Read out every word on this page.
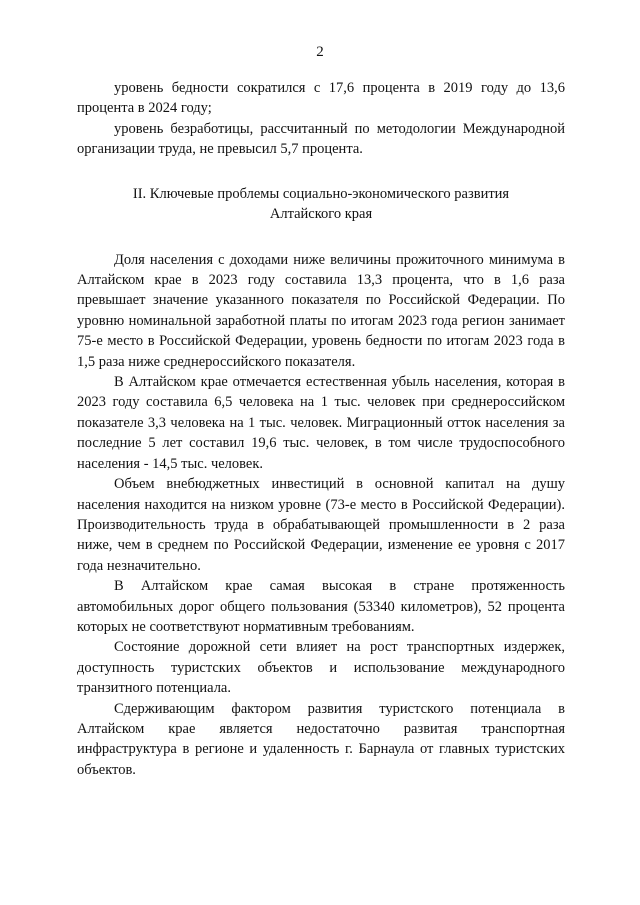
2

уровень бедности сократился с 17,6 процента в 2019 году до 13,6 процента в 2024 году;

уровень безработицы, рассчитанный по методологии Международной организации труда, не превысил 5,7 процента.

II. Ключевые проблемы социально-экономического развития
Алтайского края

Доля населения с доходами ниже величины прожиточного минимума в Алтайском крае в 2023 году составила 13,3 процента, что в 1,6 раза превышает значение указанного показателя по Российской Федерации. По уровню номинальной заработной платы по итогам 2023 года регион занимает 75-е место в Российской Федерации, уровень бедности по итогам 2023 года в 1,5 раза ниже среднероссийского показателя.

В Алтайском крае отмечается естественная убыль населения, которая в 2023 году составила 6,5 человека на 1 тыс. человек при среднероссийском показателе 3,3 человека на 1 тыс. человек. Миграционный отток населения за последние 5 лет составил 19,6 тыс. человек, в том числе трудоспособного населения - 14,5 тыс. человек.

Объем внебюджетных инвестиций в основной капитал на душу населения находится на низком уровне (73-е место в Российской Федерации). Производительность труда в обрабатывающей промышленности в 2 раза ниже, чем в среднем по Российской Федерации, изменение ее уровня с 2017 года незначительно.

В Алтайском крае самая высокая в стране протяженность автомобильных дорог общего пользования (53340 километров), 52 процента которых не соответствуют нормативным требованиям.

Состояние дорожной сети влияет на рост транспортных издержек, доступность туристских объектов и использование международного транзитного потенциала.

Сдерживающим фактором развития туристского потенциала в Алтайском крае является недостаточно развитая транспортная инфраструктура в регионе и удаленность г. Барнаула от главных туристских объектов.
